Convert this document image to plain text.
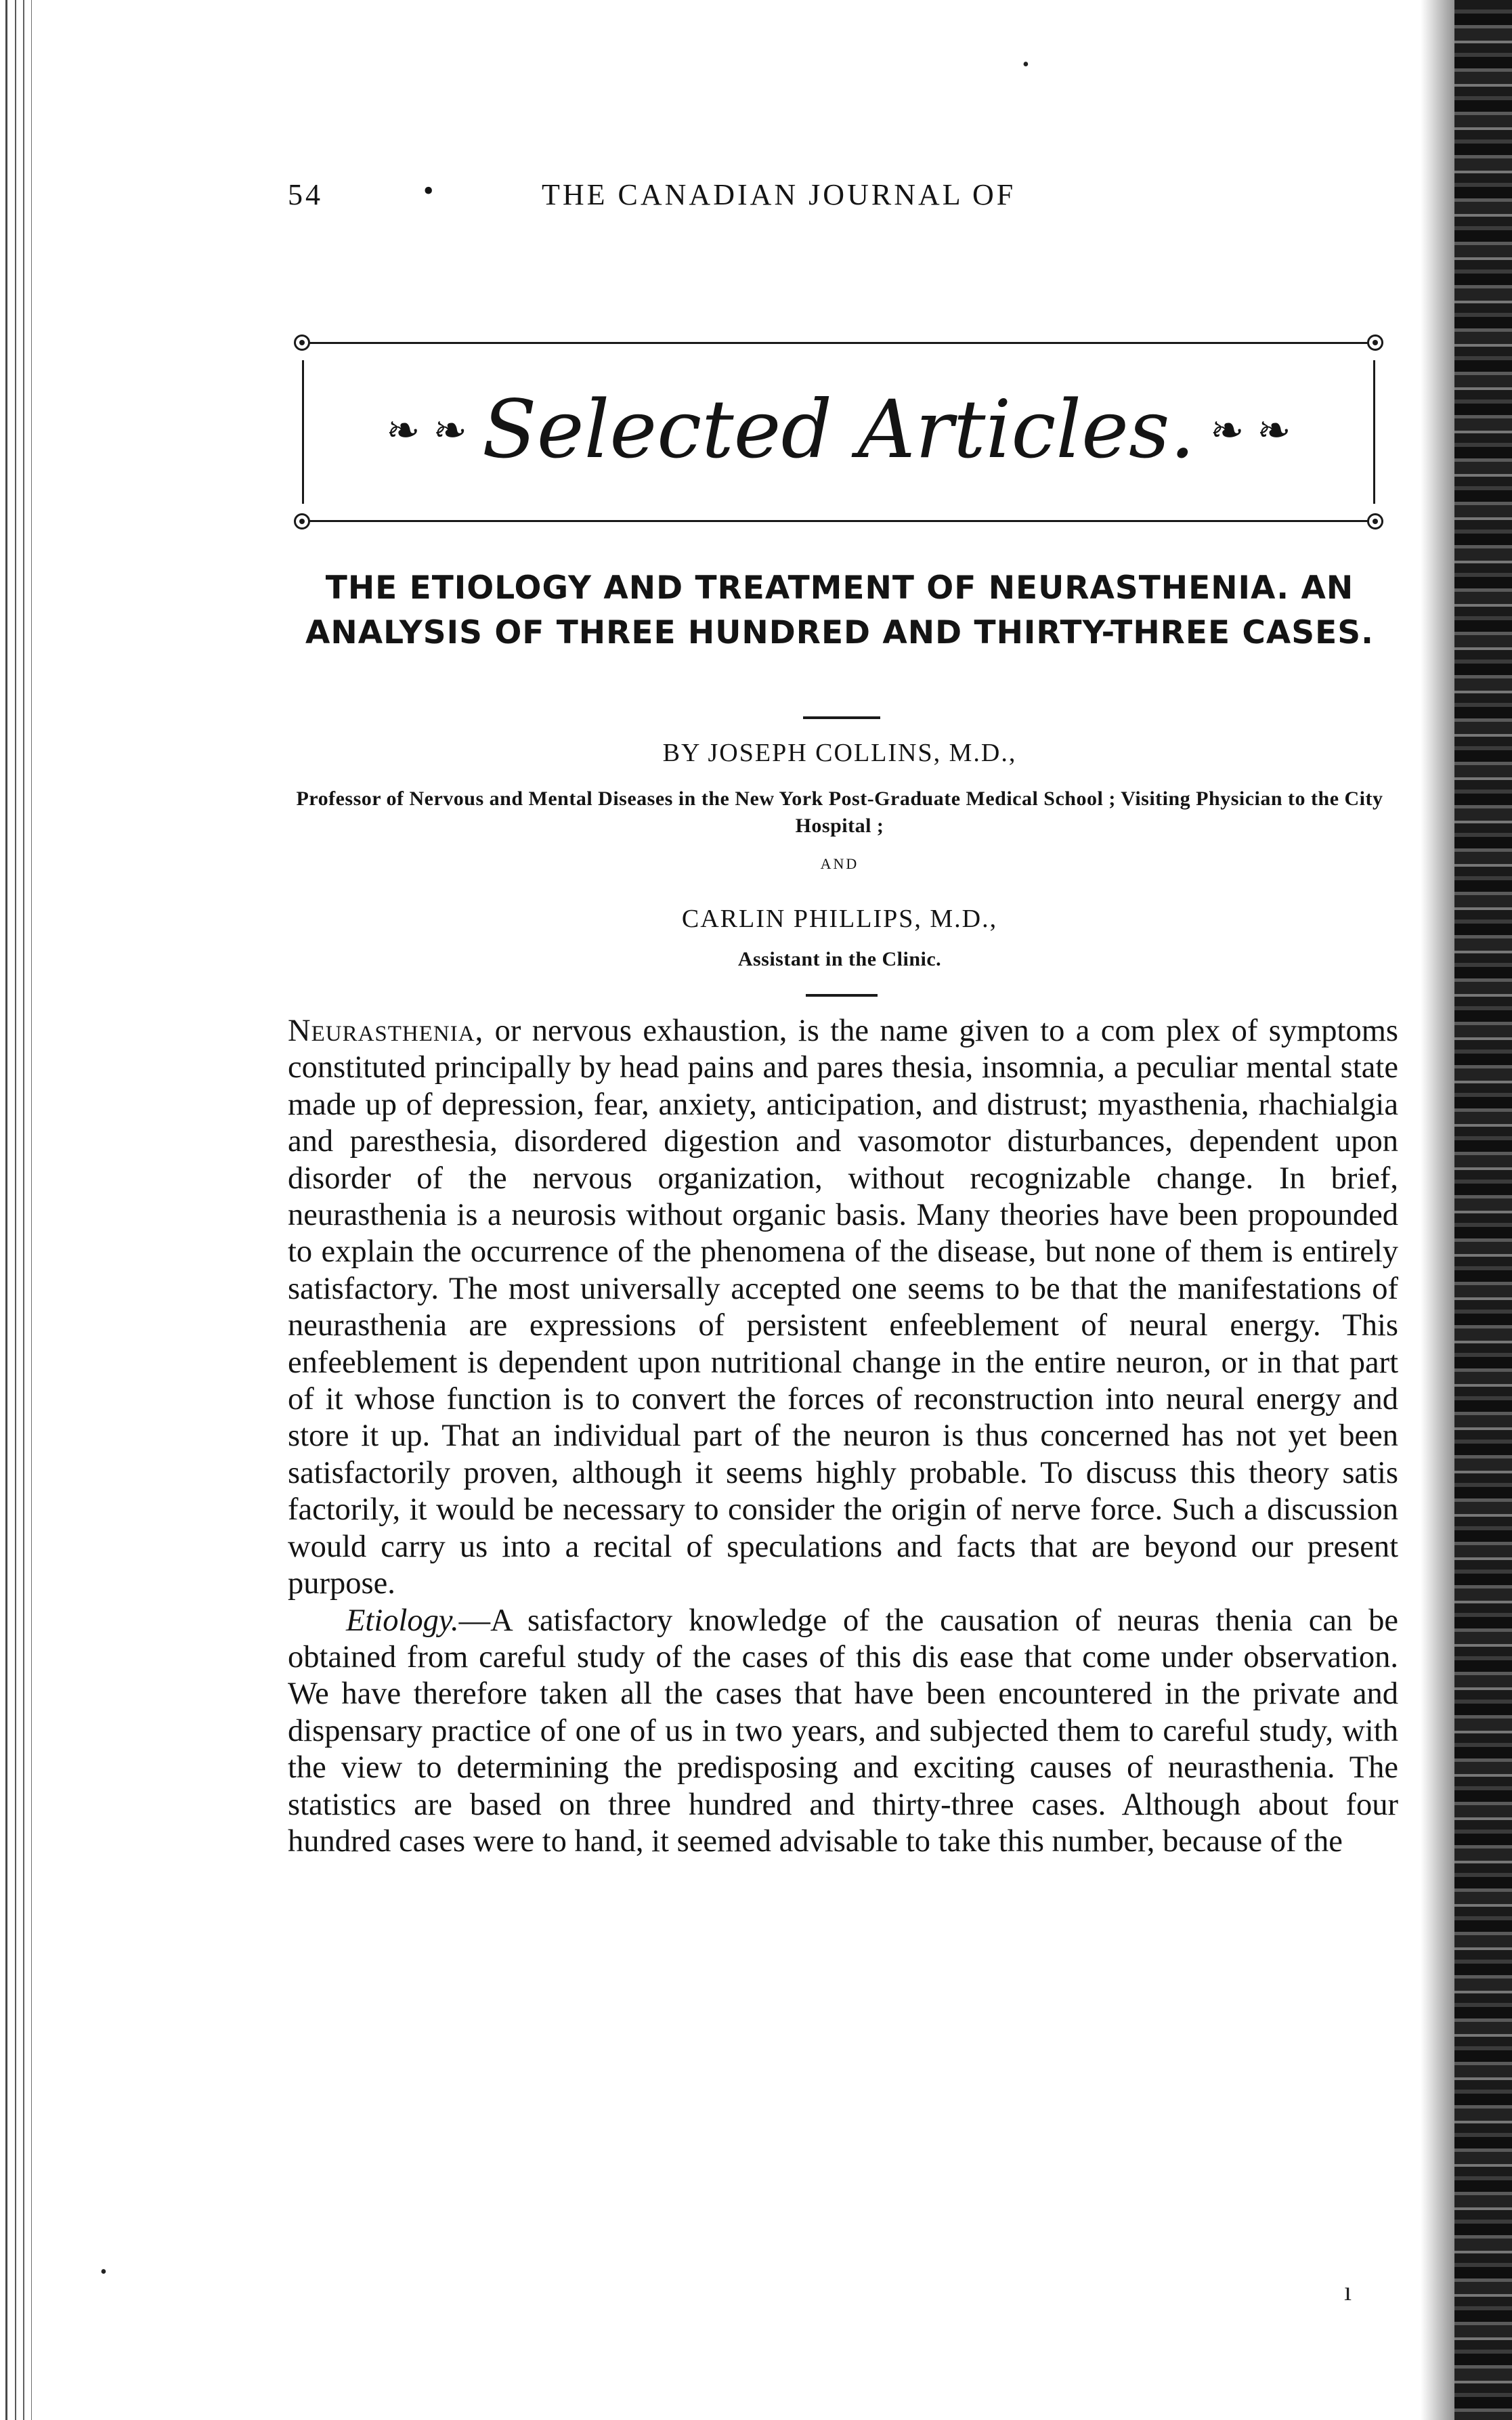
•
•
ı
54	•	THE CANADIAN JOURNAL OF
❧ ❧ Selected Articles. ❧ ❧
THE ETIOLOGY AND TREATMENT OF NEURASTHENIA. AN ANALYSIS OF THREE HUNDRED AND THIRTY-THREE CASES.
BY JOSEPH COLLINS, M.D.,
Professor of Nervous and Mental Diseases in the New York Post-Graduate Medical School ; Visiting Physician to the City Hospital ;
AND
CARLIN PHILLIPS, M.D.,
Assistant in the Clinic.

Neurasthenia, or nervous exhaustion, is the name given to a com plex of symptoms constituted principally by head pains and pares thesia, insomnia, a peculiar mental state made up of depression, fear, anxiety, anticipation, and distrust; myasthenia, rhachialgia and paresthesia, disordered digestion and vasomotor disturbances, dependent upon disorder of the nervous organization, without recognizable change. In brief, neurasthenia is a neurosis without organic basis. Many theories have been propounded to explain the occurrence of the phenomena of the disease, but none of them is entirely satisfactory. The most universally accepted one seems to be that the manifestations of neurasthenia are expressions of persistent enfeeblement of neural energy. This enfeeblement is dependent upon nutritional change in the entire neuron, or in that part of it whose function is to convert the forces of reconstruction into neural energy and store it up. That an individual part of the neuron is thus concerned has not yet been satisfactorily proven, although it seems highly probable. To discuss this theory satis factorily, it would be necessary to consider the origin of nerve force. Such a discussion would carry us into a recital of speculations and facts that are beyond our present purpose.

Etiology.—A satisfactory knowledge of the causation of neuras thenia can be obtained from careful study of the cases of this dis ease that come under observation. We have therefore taken all the cases that have been encountered in the private and dispensary practice of one of us in two years, and subjected them to careful study, with the view to determining the predisposing and exciting causes of neurasthenia. The statistics are based on three hundred and thirty-three cases. Although about four hundred cases were to hand, it seemed advisable to take this number, because of the
